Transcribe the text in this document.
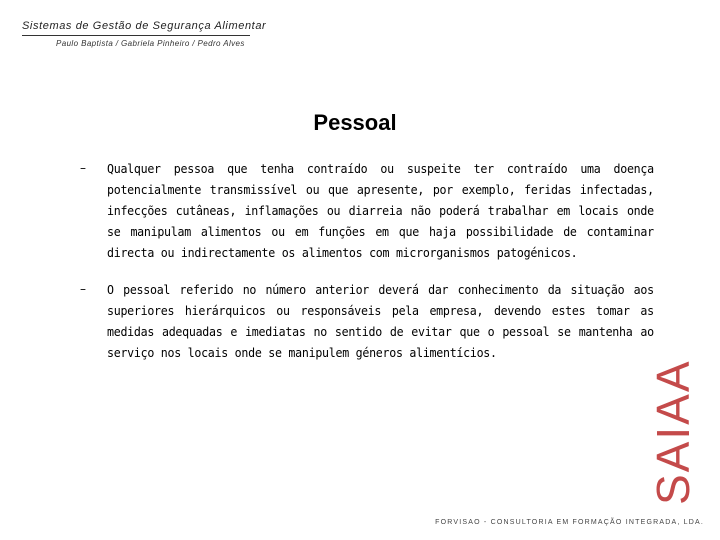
Sistemas de Gestão de Segurança Alimentar
Paulo Baptista / Gabriela Pinheiro / Pedro Alves
Pessoal
– Qualquer pessoa que tenha contraído ou suspeite ter contraído uma doença potencialmente transmissível ou que apresente, por exemplo, feridas infectadas, infecções cutâneas, inflamações ou diarreia não poderá trabalhar em locais onde se manipulam alimentos ou em funções em que haja possibilidade de contaminar directa ou indirectamente os alimentos com microrganismos patogénicos.
– O pessoal referido no número anterior deverá dar conhecimento da situação aos superiores hierárquicos ou responsáveis pela empresa, devendo estes tomar as medidas adequadas e imediatas no sentido de evitar que o pessoal se mantenha ao serviço nos locais onde se manipulem géneros alimentícios.
SAIAA
FORVISAO - CONSULTORIA EM FORMAÇÃO INTEGRADA, LDA.
